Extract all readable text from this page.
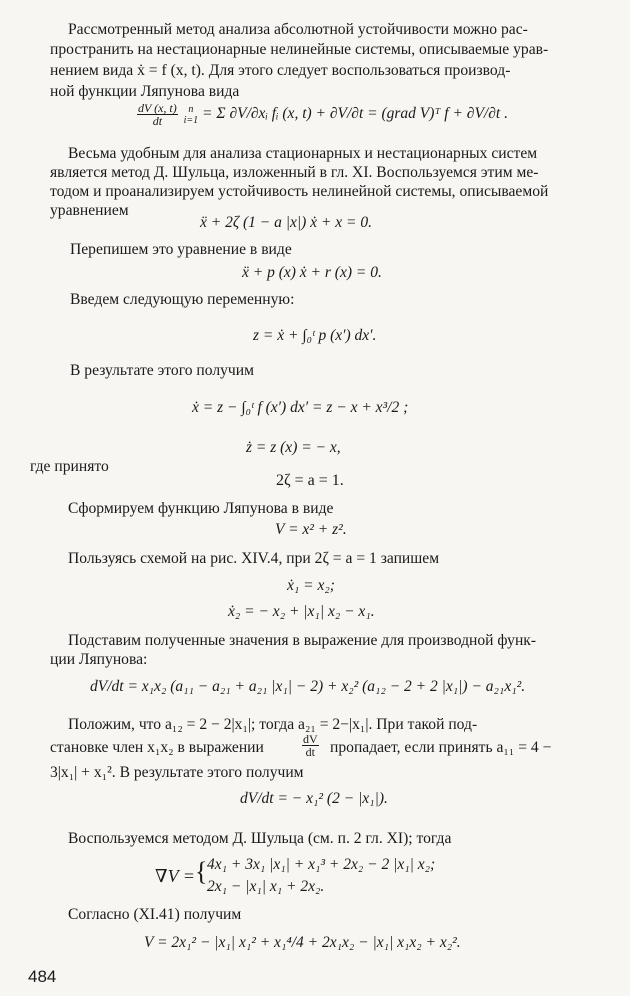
Рассмотренный метод анализа абсолютной устойчивости можно рас-
пространить на нестационарные нелинейные системы, описываемые урав-
нением вида ẋ = f (x, t). Для этого следует воспользоваться производ-
ной функции Ляпунова вида
$\frac{dV (x, t)}{dt}$
	n
i=1 = Σ ∂V/∂xᵢ fᵢ (x, t) + ∂V/∂t = (grad V)ᵀ f + ∂V/∂t .
Весьма удобным для анализа стационарных и нестационарных систем
является метод Д. Шульца, изложенный в гл. XI. Воспользуемся этим ме-
тодом и проанализируем устойчивость нелинейной системы, описываемой
уравнением
ẍ + 2ζ (1 − a |x|) ẋ + x = 0.
Перепишем это уравнение в виде
ẍ + p (x) ẋ + r (x) = 0.
Введем следующую переменную:
z = ẋ + ∫₀ᵗ p (x′) dx′.
В результате этого получим
ẋ = z − ∫₀ᵗ f (x′) dx′ = z − x + x³/2 ;
ż = z (x) = − x,
где принято
2ζ = a = 1.
Сформируем функцию Ляпунова в виде
V = x² + z².
Пользуясь схемой на рис. XIV.4, при 2ζ = a = 1 запишем
ẋ₁ = x₂;
ẋ₂ = − x₂ + |x₁| x₂ − x₁.
Подставим полученные значения в выражение для производной функ-
ции Ляпунова:
dV/dt = x₁x₂ (a₁₁ − a₂₁ + a₂₁ |x₁| − 2) + x₂² (a₁₂ − 2 + 2 |x₁|) − a₂₁x₁².
Положим, что a₁₂ = 2 − 2|x₁|; тогда a₂₁ = 2−|x₁|. При такой под-
становке член x₁x₂ в выражении	$\frac{dV}{dt}$ пропадает, если принять a₁₁ = 4 −
3|x₁| + x₁². В результате этого получим
dV/dt = − x₁² (2 − |x₁|).
Воспользуемся методом Д. Шульца (см. п. 2 гл. XI); тогда
∇V = { 4x₁ + 3x₁ |x₁| + x₁³ + 2x₂ − 2 |x₁| x₂;
2x₁ − |x₁| x₁ + 2x₂.
Согласно (XI.41) получим
V = 2x₁² − |x₁| x₁² + x₁⁴/4 + 2x₁x₂ − |x₁| x₁x₂ + x₂².
484
